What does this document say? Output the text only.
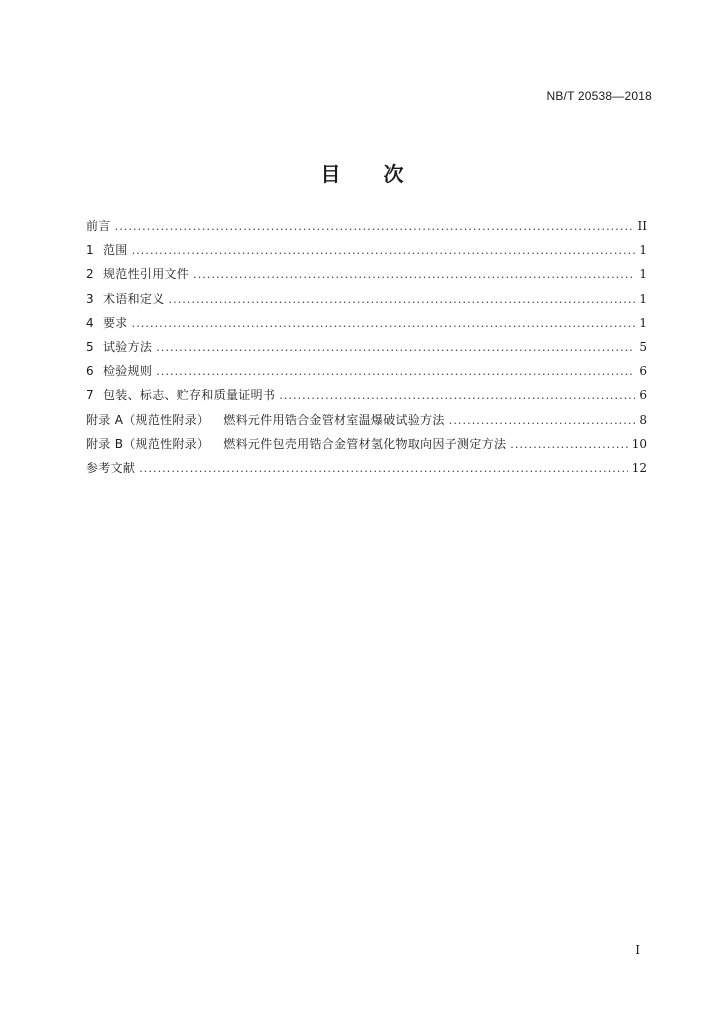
NB/T 20538—2018
目 次
前言 . . .	II
1 范围 . . .	1
2 规范性引用文件 . . .	1
3 术语和定义 . . .	1
4 要求 . . .	1
5 试验方法 . . .	5
6 检验规则 . . .	6
7 包装、标志、贮存和质量证明书 . . .	6
附录 A（规范性附录） 燃料元件用锆合金管材室温爆破试验方法 . . .	8
附录 B（规范性附录） 燃料元件包壳用锆合金管材氢化物取向因子测定方法 . . .	10
参考文献 . . .	12
I
